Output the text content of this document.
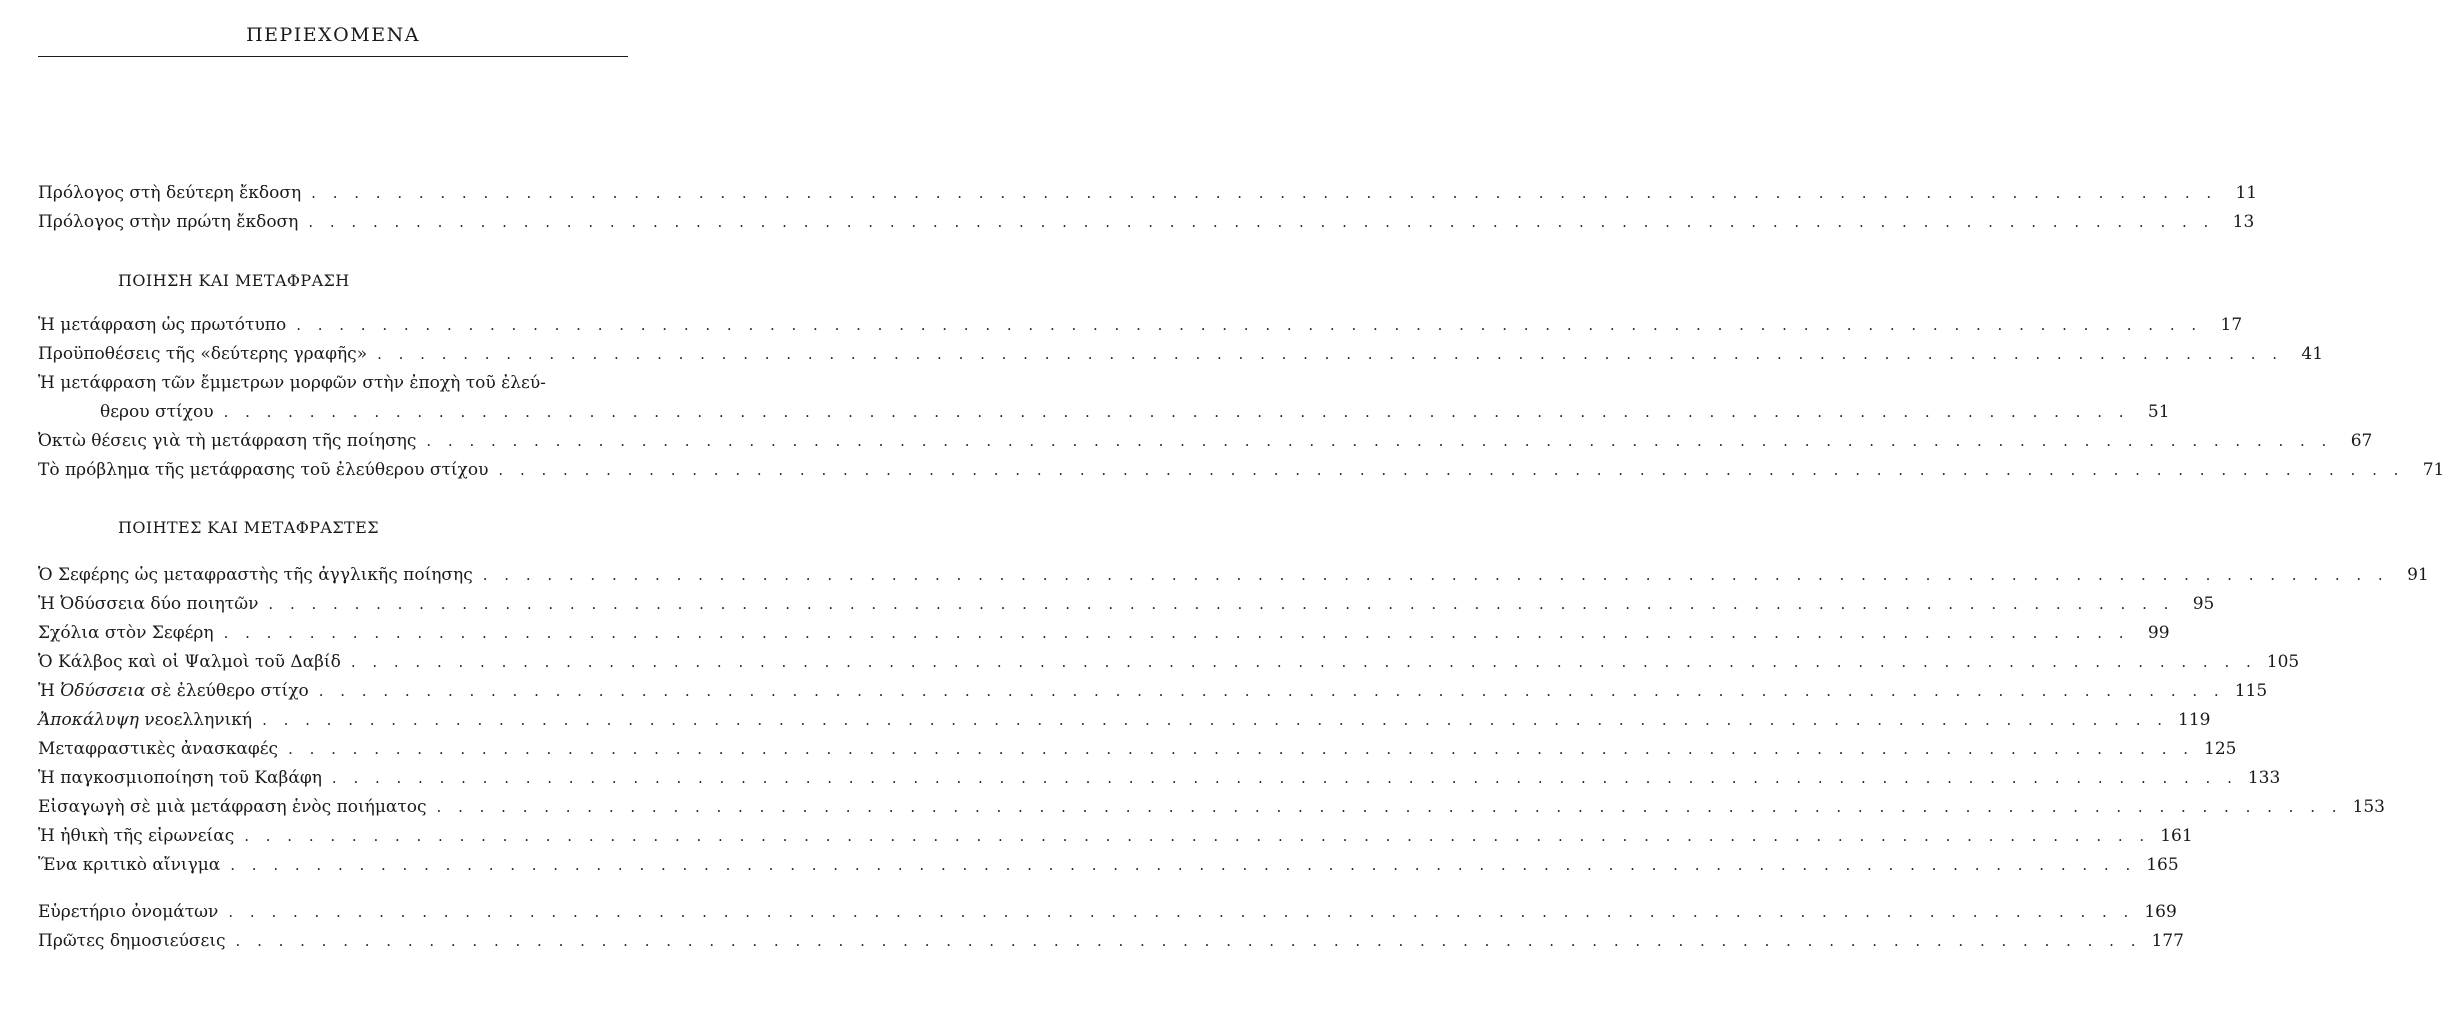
ΠΕΡΙΕΧΟΜΕΝΑ
Πρόλογος στὴ δεύτερη ἔκδοση . . . . . . . . . . . . . . . . . . . . . . . . . . . . . . . . . . . . . . . . . . . . . . . . . . . . . . . . . . . . . . . . . . . . . . . . . . . . . . . . . . . . . . . . .	11
Πρόλογος στὴν πρώτη ἔκδοση . . . . . . . . . . . . . . . . . . . . . . . . . . . . . . . . . . . . . . . . . . . . . . . . . . . . . . . . . . . . . . . . . . . . . . . . . . . . . . . . . . . . . . . . .	13
ΠΟΙΗΣΗ ΚΑΙ ΜΕΤΑΦΡΑΣΗ
Ἡ μετάφραση ὡς πρωτότυπο . . . . . . . . . . . . . . . . . . . . . . . . . . . . . . . . . . . . . . . . . . . . . . . . . . . . . . . . . . . . . . . . . . . . . . . . . . . . . . . . . . . . . . . . .	17
Προϋποθέσεις τῆς «δεύτερης γραφῆς» . . . . . . . . . . . . . . . . . . . . . . . . . . . . . . . . . . . . . . . . . . . . . . . . . . . . . . . . . . . . . . . . . . . . . . . . . . . . . . . . . . . . . . . . .	41
Ἡ μετάφραση τῶν ἔμμετρων μορφῶν στὴν ἐποχὴ τοῦ ἐλεύ-
θερου στίχου . . . . . . . . . . . . . . . . . . . . . . . . . . . . . . . . . . . . . . . . . . . . . . . . . . . . . . . . . . . . . . . . . . . . . . . . . . . . . . . . . . . . . . . . .	51
Ὀκτὼ θέσεις γιὰ τὴ μετάφραση τῆς ποίησης . . . . . . . . . . . . . . . . . . . . . . . . . . . . . . . . . . . . . . . . . . . . . . . . . . . . . . . . . . . . . . . . . . . . . . . . . . . . . . . . . . . . . . . . .	67
Τὸ πρόβλημα τῆς μετάφρασης τοῦ ἐλεύθερου στίχου . . . . . . . . . . . . . . . . . . . . . . . . . . . . . . . . . . . . . . . . . . . . . . . . . . . . . . . . . . . . . . . . . . . . . . . . . . . . . . . . . . . . . . . . .	71
ΠΟΙΗΤΕΣ ΚΑΙ ΜΕΤΑΦΡΑΣΤΕΣ
Ὁ Σεφέρης ὡς μεταφραστὴς τῆς ἀγγλικῆς ποίησης . . . . . . . . . . . . . . . . . . . . . . . . . . . . . . . . . . . . . . . . . . . . . . . . . . . . . . . . . . . . . . . . . . . . . . . . . . . . . . . . . . . . . . . . .	91
Ἡ Ὀδύσσεια δύο ποιητῶν . . . . . . . . . . . . . . . . . . . . . . . . . . . . . . . . . . . . . . . . . . . . . . . . . . . . . . . . . . . . . . . . . . . . . . . . . . . . . . . . . . . . . . . . .	95
Σχόλια στὸν Σεφέρη . . . . . . . . . . . . . . . . . . . . . . . . . . . . . . . . . . . . . . . . . . . . . . . . . . . . . . . . . . . . . . . . . . . . . . . . . . . . . . . . . . . . . . . . .	99
Ὁ Κάλβος καὶ οἱ Ψαλμοὶ τοῦ Δαβίδ . . . . . . . . . . . . . . . . . . . . . . . . . . . . . . . . . . . . . . . . . . . . . . . . . . . . . . . . . . . . . . . . . . . . . . . . . . . . . . . . . . . . . . . . . 105
Ἡ Ὀδύσσεια σὲ ἐλεύθερο στίχο . . . . . . . . . . . . . . . . . . . . . . . . . . . . . . . . . . . . . . . . . . . . . . . . . . . . . . . . . . . . . . . . . . . . . . . . . . . . . . . . . . . . . . . . . 115
Ἀποκάλυψη νεοελληνική . . . . . . . . . . . . . . . . . . . . . . . . . . . . . . . . . . . . . . . . . . . . . . . . . . . . . . . . . . . . . . . . . . . . . . . . . . . . . . . . . . . . . . . . . 119
Μεταφραστικὲς ἀνασκαφές . . . . . . . . . . . . . . . . . . . . . . . . . . . . . . . . . . . . . . . . . . . . . . . . . . . . . . . . . . . . . . . . . . . . . . . . . . . . . . . . . . . . . . . . . 125
Ἡ παγκοσμιοποίηση τοῦ Καβάφη . . . . . . . . . . . . . . . . . . . . . . . . . . . . . . . . . . . . . . . . . . . . . . . . . . . . . . . . . . . . . . . . . . . . . . . . . . . . . . . . . . . . . . . . . 133
Εἰσαγωγὴ σὲ μιὰ μετάφραση ἑνὸς ποιήματος . . . . . . . . . . . . . . . . . . . . . . . . . . . . . . . . . . . . . . . . . . . . . . . . . . . . . . . . . . . . . . . . . . . . . . . . . . . . . . . . . . . . . . . . . 153
Ἡ ἠθικὴ τῆς εἰρωνείας . . . . . . . . . . . . . . . . . . . . . . . . . . . . . . . . . . . . . . . . . . . . . . . . . . . . . . . . . . . . . . . . . . . . . . . . . . . . . . . . . . . . . . . . . 161
Ἕνα κριτικὸ αἴνιγμα . . . . . . . . . . . . . . . . . . . . . . . . . . . . . . . . . . . . . . . . . . . . . . . . . . . . . . . . . . . . . . . . . . . . . . . . . . . . . . . . . . . . . . . . . 165
Εὑρετήριο ὀνομάτων . . . . . . . . . . . . . . . . . . . . . . . . . . . . . . . . . . . . . . . . . . . . . . . . . . . . . . . . . . . . . . . . . . . . . . . . . . . . . . . . . . . . . . . . . 169
Πρῶτες δημοσιεύσεις . . . . . . . . . . . . . . . . . . . . . . . . . . . . . . . . . . . . . . . . . . . . . . . . . . . . . . . . . . . . . . . . . . . . . . . . . . . . . . . . . . . . . . . . . 177
